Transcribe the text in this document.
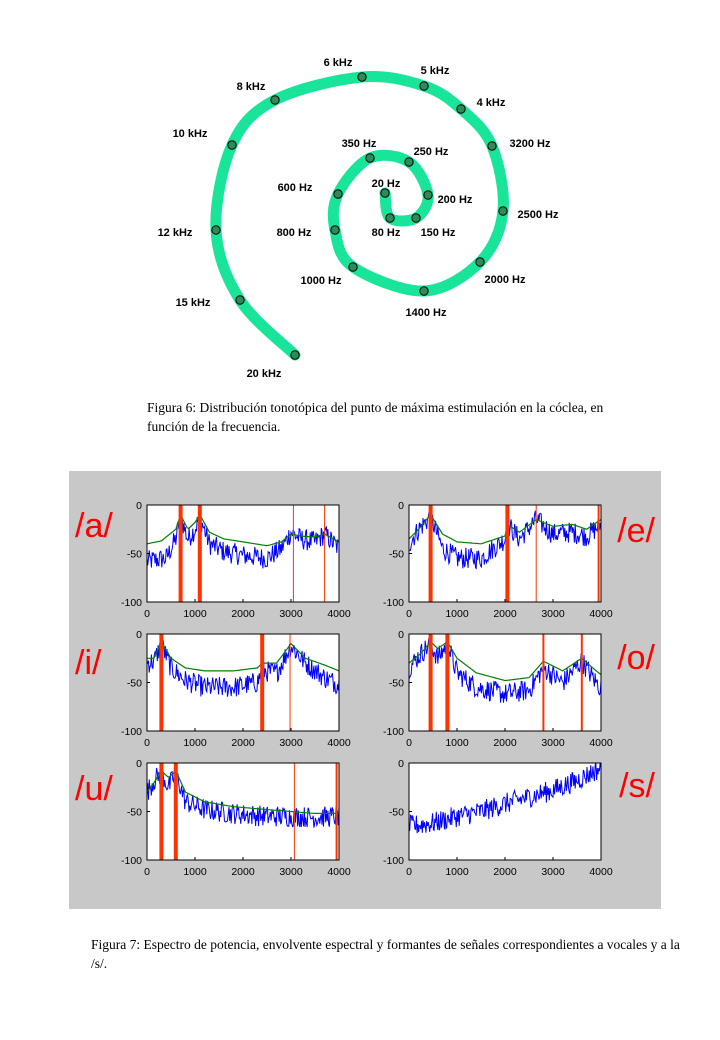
20 kHz
15 kHz
12 kHz
10 kHz
8 kHz
6 kHz
5 kHz
4 kHz
3200 Hz
2500 Hz
2000 Hz
1400 Hz
1000 Hz
800 Hz
600 Hz
350 Hz
250 Hz
200 Hz
150 Hz
80 Hz
20 Hz

Figura 6: Distribución tonotópica del punto de máxima estimulación en la cóclea, en función de la frecuencia.

0	1000 2000 3000 4000
0
-50
-100
/a/
0	1000 2000 3000 4000
0
-50
-100
/e/
0	1000 2000 3000 4000
0
-50
-100
/i/
0	1000 2000 3000 4000
0
-50
-100
/o/
0	1000 2000 3000 4000
0
-50
-100
/u/
0	1000 2000 3000 4000
0
-50
-100
/s/

Figura 7: Espectro de potencia, envolvente espectral y formantes de señales correspondientes a vocales y a la /s/.
